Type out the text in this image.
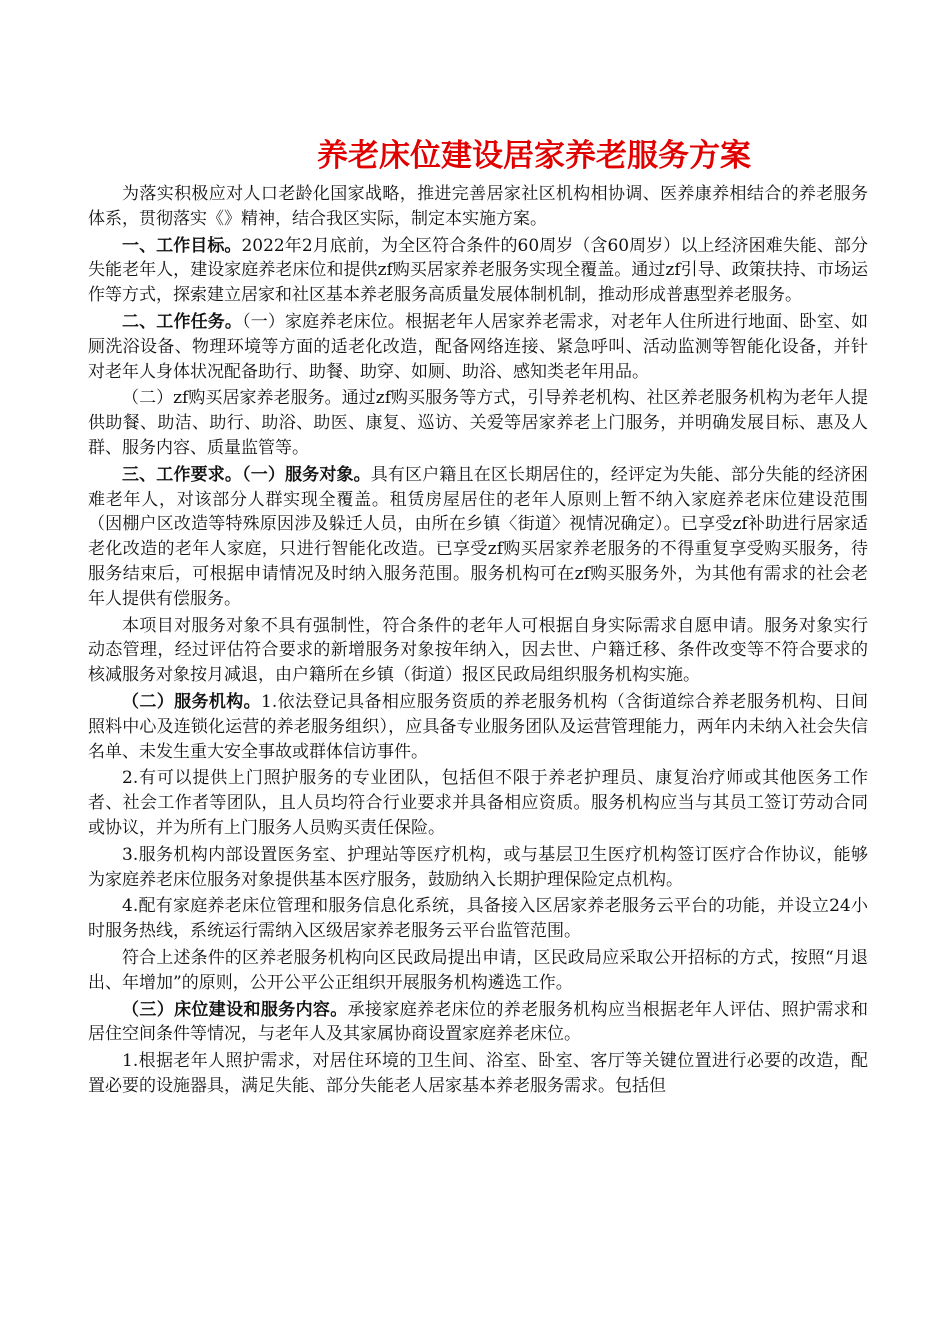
养老床位建设居家养老服务方案

为落实积极应对人口老龄化国家战略，推进完善居家社区机构相协调、医养康养相结合的养老服务体系，贯彻落实《》精神，结合我区实际，制定本实施方案。

一、工作目标。2022年2月底前，为全区符合条件的60周岁（含60周岁）以上经济困难失能、部分失能老年人，建设家庭养老床位和提供zf购买居家养老服务实现全覆盖。通过zf引导、政策扶持、市场运作等方式，探索建立居家和社区基本养老服务高质量发展体制机制，推动形成普惠型养老服务。

二、工作任务。（一）家庭养老床位。根据老年人居家养老需求，对老年人住所进行地面、卧室、如厕洗浴设备、物理环境等方面的适老化改造，配备网络连接、紧急呼叫、活动监测等智能化设备，并针对老年人身体状况配备助行、助餐、助穿、如厕、助浴、感知类老年用品。

（二）zf购买居家养老服务。通过zf购买服务等方式，引导养老机构、社区养老服务机构为老年人提供助餐、助洁、助行、助浴、助医、康复、巡访、关爱等居家养老上门服务，并明确发展目标、惠及人群、服务内容、质量监管等。

三、工作要求。（一）服务对象。具有区户籍且在区长期居住的，经评定为失能、部分失能的经济困难老年人，对该部分人群实现全覆盖。租赁房屋居住的老年人原则上暂不纳入家庭养老床位建设范围（因棚户区改造等特殊原因涉及躲迁人员，由所在乡镇〈街道〉视情况确定）。已享受zf补助进行居家适老化改造的老年人家庭，只进行智能化改造。已享受zf购买居家养老服务的不得重复享受购买服务，待服务结束后，可根据申请情况及时纳入服务范围。服务机构可在zf购买服务外，为其他有需求的社会老年人提供有偿服务。

本项目对服务对象不具有强制性，符合条件的老年人可根据自身实际需求自愿申请。服务对象实行动态管理，经过评估符合要求的新增服务对象按年纳入，因去世、户籍迁移、条件改变等不符合要求的核减服务对象按月减退，由户籍所在乡镇（街道）报区民政局组织服务机构实施。

（二）服务机构。1.依法登记具备相应服务资质的养老服务机构（含街道综合养老服务机构、日间照料中心及连锁化运营的养老服务组织），应具备专业服务团队及运营管理能力，两年内未纳入社会失信名单、未发生重大安全事故或群体信访事件。

2.有可以提供上门照护服务的专业团队，包括但不限于养老护理员、康复治疗师或其他医务工作者、社会工作者等团队，且人员均符合行业要求并具备相应资质。服务机构应当与其员工签订劳动合同或协议，并为所有上门服务人员购买责任保险。

3.服务机构内部设置医务室、护理站等医疗机构，或与基层卫生医疗机构签订医疗合作协议，能够为家庭养老床位服务对象提供基本医疗服务，鼓励纳入长期护理保险定点机构。

4.配有家庭养老床位管理和服务信息化系统，具备接入区居家养老服务云平台的功能，并设立24小时服务热线，系统运行需纳入区级居家养老服务云平台监管范围。

符合上述条件的区养老服务机构向区民政局提出申请，区民政局应采取公开招标的方式，按照“月退出、年增加”的原则，公开公平公正组织开展服务机构遴选工作。

（三）床位建设和服务内容。承接家庭养老床位的养老服务机构应当根据老年人评估、照护需求和居住空间条件等情况，与老年人及其家属协商设置家庭养老床位。

1.根据老年人照护需求，对居住环境的卫生间、浴室、卧室、客厅等关键位置进行必要的改造，配置必要的设施器具，满足失能、部分失能老人居家基本养老服务需求。包括但
